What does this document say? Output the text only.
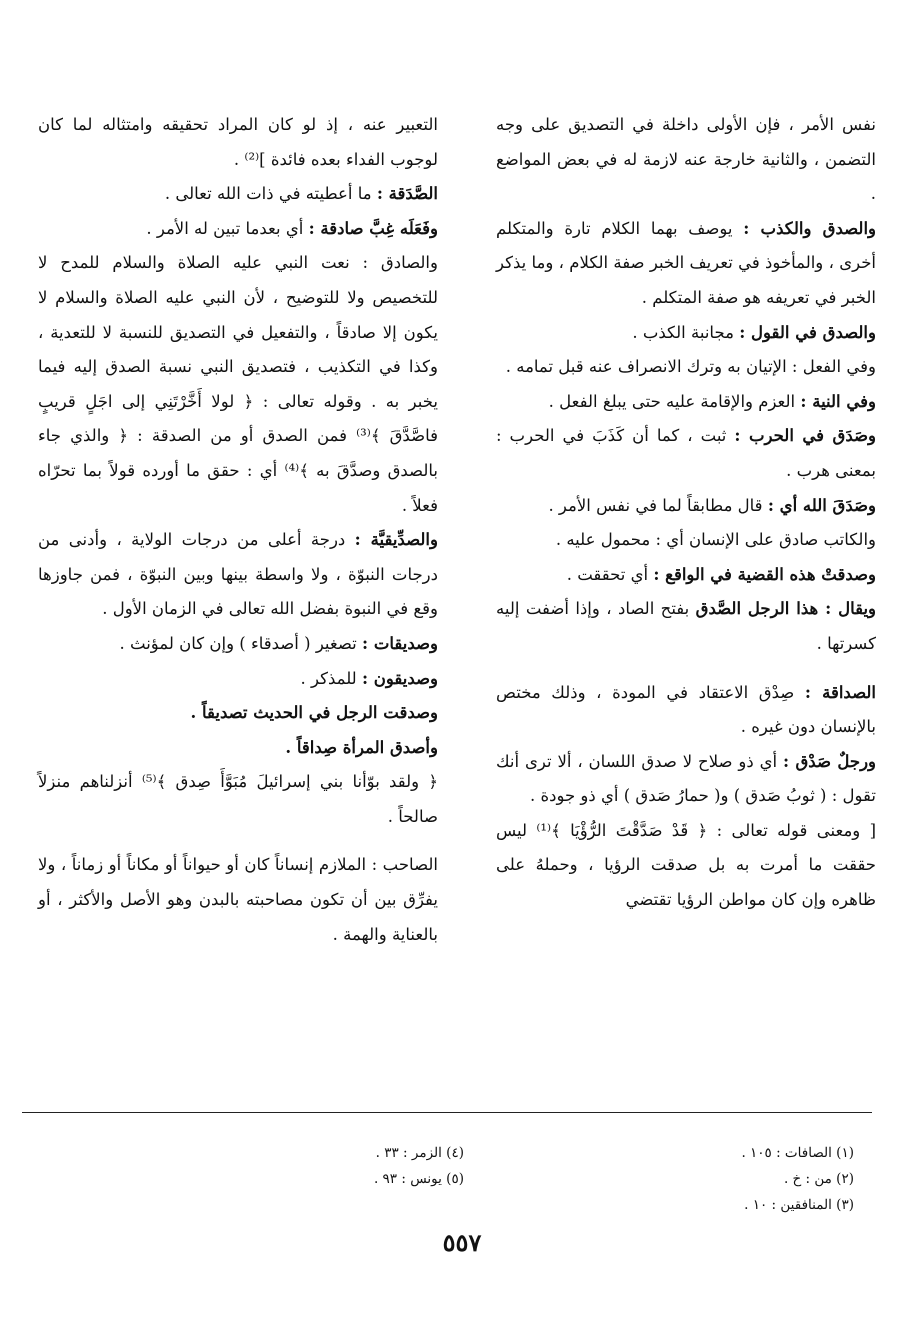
نفس الأمر ، فإن الأولى داخلة في التصديق على وجه التضمن ، والثانية خارجة عنه لازمة له في بعض المواضع .

والصدق والكذب : يوصف بهما الكلام تارة والمتكلم أخرى ، والمأخوذ في تعريف الخبر صفة الكلام ، وما يذكر الخبر في تعريفه هو صفة المتكلم .

والصدق في القول : مجانبة الكذب .

وفي الفعل : الإتيان به وترك الانصراف عنه قبل تمامه .

وفي النية : العزم والإقامة عليه حتى يبلغ الفعل .

وصَدَق في الحرب : ثبت ، كما أن كَذَبَ في الحرب : بمعنى هرب .

وصَدَقَ الله أي : قال مطابقاً لما في نفس الأمر .

والكاتب صادق على الإنسان أي : محمول عليه .

وصدقتْ هذه القضية في الواقع : أي تحققت .

ويقال : هذا الرجل الصَّدق بفتح الصاد ، وإذا أضفت إليه كسرتها .

الصداقة : صِدْق الاعتقاد في المودة ، وذلك مختص بالإنسان دون غيره .

ورجلٌ صَدْق : أي ذو صلاح لا صدق اللسان ، ألا ترى أنك تقول : ( ثوبُ صَدق ) و( حمارُ صَدق ) أي ذو جودة .

[ ومعنى قوله تعالى : ﴿ قَدْ صَدَّقْتَ الرُّؤْيَا ﴾⁽¹⁾ ليس حققت ما أمرت به بل صدقت الرؤيا ، وحملهُ على ظاهره وإن كان مواطن الرؤيا تقتضي

التعبير عنه ، إذ لو كان المراد تحقيقه وامتثاله لما كان لوجوب الفداء بعده فائدة ]⁽²⁾ .

الصَّدَقة : ما أعطيته في ذات الله تعالى .

وفَعَلَه غِبَّ صادقة : أي بعدما تبين له الأمر .

والصادق : نعت النبي عليه الصلاة والسلام للمدح لا للتخصيص ولا للتوضيح ، لأن النبي عليه الصلاة والسلام لا يكون إلا صادقاً ، والتفعيل في التصديق للنسبة لا للتعدية ، وكذا في التكذيب ، فتصديق النبي نسبة الصدق إليه فيما يخبر به . وقوله تعالى : ﴿ لولا أَخَّرْتَنِي إلى اجَلٍ قريبٍ فاصَّدَّقَ ﴾⁽³⁾ فمن الصدق أو من الصدقة : ﴿ والذي جاء بالصدق وصدَّقَ به ﴾⁽⁴⁾ أي : حقق ما أورده قولاً بما تحرّاه فعلاً .

والصدِّيقيَّة : درجة أعلى من درجات الولاية ، وأدنى من درجات النبوّة ، ولا واسطة بينها وبين النبوّة ، فمن جاوزها وقع في النبوة بفضل الله تعالى في الزمان الأول .

وصديقات : تصغير ( أصدقاء ) وإن كان لمؤنث .

وصديقون : للمذكر .

وصدقت الرجل في الحديث تصديقاً .

وأصدق المرأة صِداقاً .

﴿ ولقد بوّأنا بني إسرائيلَ مُبَوَّأَ صِدق ﴾⁽⁵⁾ أنزلناهم منزلاً صالحاً .

الصاحب : الملازم إنساناً كان أو حيواناً أو مكاناً أو زماناً ، ولا يفرِّق بين أن تكون مصاحبته بالبدن وهو الأصل والأكثر ، أو بالعناية والهمة .

(١) الصافات : ١٠٥ .

(٢) من : خ .

(٣) المنافقين : ١٠ .

(٤) الزمر : ٣٣ .

(٥) يونس : ٩٣ .

٥٥٧
